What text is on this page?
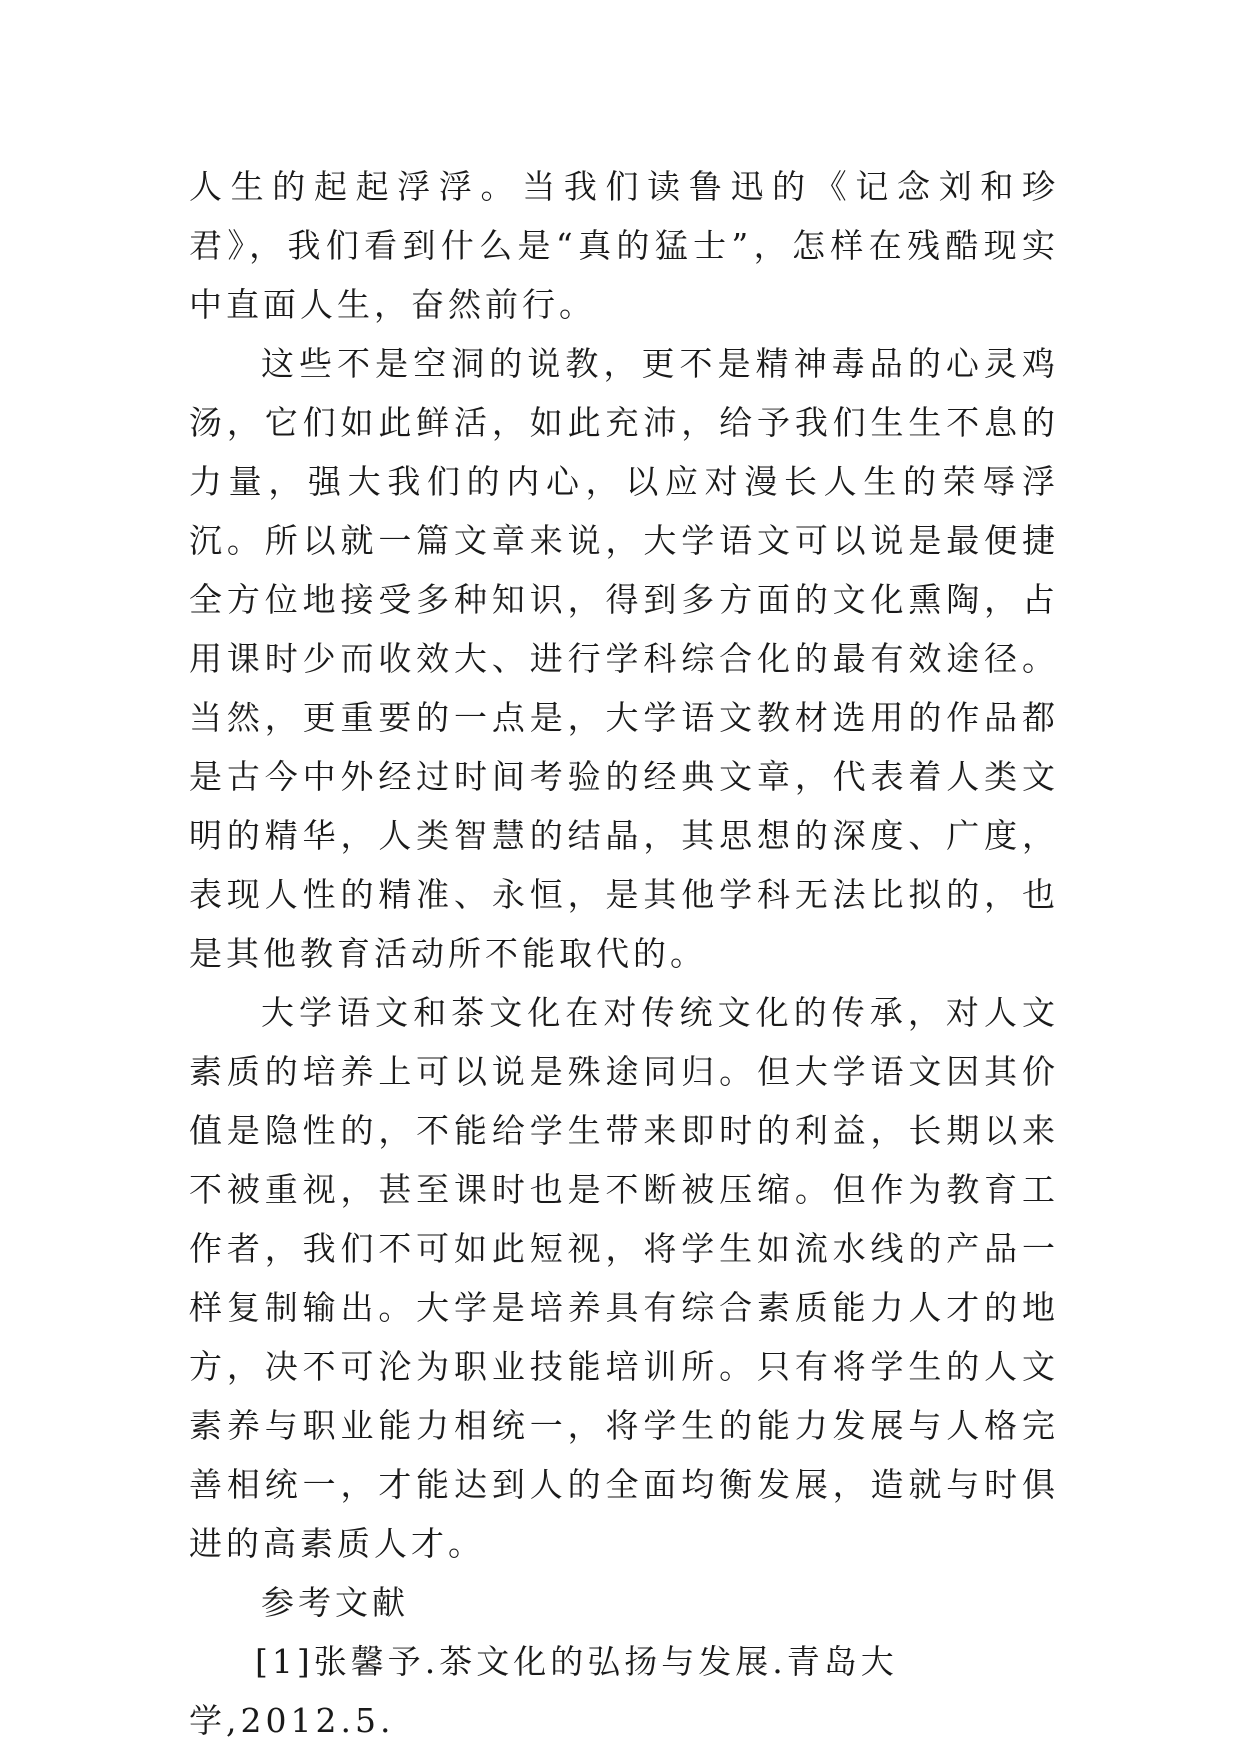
人生的起起浮浮。当我们读鲁迅的《记念刘和珍君》，我们看到什么是“真的猛士”，怎样在残酷现实中直面人生，奋然前行。

这些不是空洞的说教，更不是精神毒品的心灵鸡汤，它们如此鲜活，如此充沛，给予我们生生不息的力量，强大我们的内心，以应对漫长人生的荣辱浮沉。所以就一篇文章来说，大学语文可以说是最便捷全方位地接受多种知识，得到多方面的文化熏陶，占用课时少而收效大、进行学科综合化的最有效途径。当然，更重要的一点是，大学语文教材选用的作品都是古今中外经过时间考验的经典文章，代表着人类文明的精华，人类智慧的结晶，其思想的深度、广度，表现人性的精准、永恒，是其他学科无法比拟的，也是其他教育活动所不能取代的。

大学语文和茶文化在对传统文化的传承，对人文素质的培养上可以说是殊途同归。但大学语文因其价值是隐性的，不能给学生带来即时的利益，长期以来不被重视，甚至课时也是不断被压缩。但作为教育工作者，我们不可如此短视，将学生如流水线的产品一样复制输出。大学是培养具有综合素质能力人才的地方，决不可沦为职业技能培训所。只有将学生的人文素养与职业能力相统一，将学生的能力发展与人格完善相统一，才能达到人的全面均衡发展，造就与时俱进的高素质人才。

参考文献

[1]张馨予.茶文化的弘扬与发展.青岛大学,2012.5.
